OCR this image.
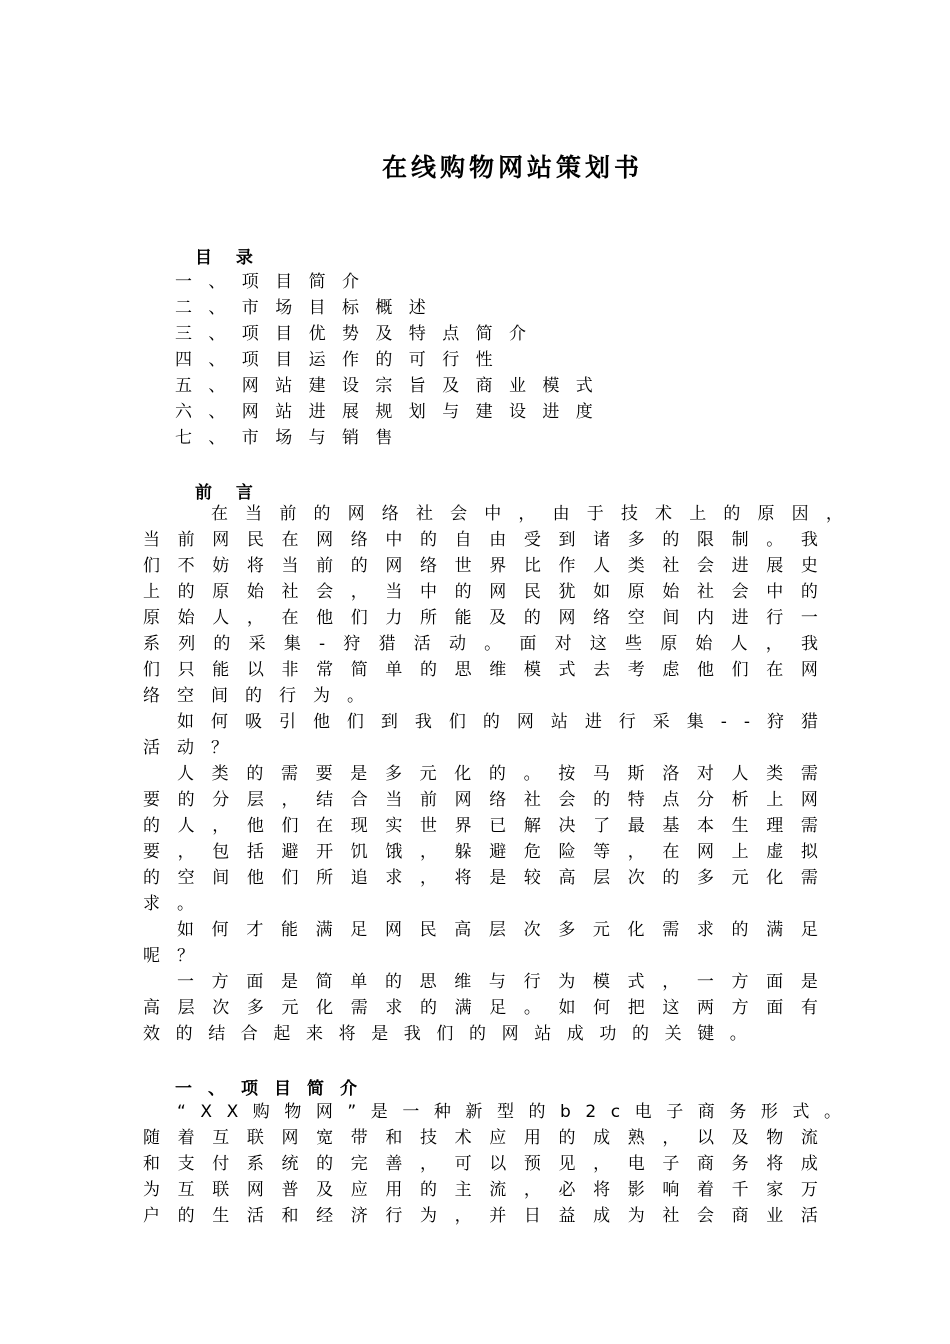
在线购物网站策划书
目 录
一、项目简介
二、市场目标概述
三、项目优势及特点简介
四、项目运作的可行性
五、网站建设宗旨及商业模式
六、网站进展规划与建设进度
七、市场与销售
前 言
在 当 前 的 网 络 社 会 中 ， 由 于 技 术 上 的 原 因 ，
当 前 网 民 在 网 络 中 的 自 由 受 到 诸 多 的 限 制 。 我
们 不 妨 将 当 前 的 网 络 世 界 比 作 人 类 社 会 进 展 史
上 的 原 始 社 会 ， 当 中 的 网 民 犹 如 原 始 社 会 中 的
原 始 人 ， 在 他 们 力 所 能 及 的 网 络 空 间 内 进 行 一
系 列 的 采 集 - 狩 猎 活 动 。 面 对 这 些 原 始 人 ， 我
们 只 能 以 非 常 简 单 的 思 维 模 式 去 考 虑 他 们 在 网
络空间的行为。
如 何 吸 引 他 们 到 我 们 的 网 站 进 行 采 集 - - 狩 猎
活动？
人 类 的 需 要 是 多 元 化 的 。 按 马 斯 洛 对 人 类 需
要 的 分 层 ， 结 合 当 前 网 络 社 会 的 特 点 分 析 上 网
的 人 ， 他 们 在 现 实 世 界 已 解 决 了 最 基 本 生 理 需
要 ， 包 括 避 开 饥 饿 ， 躲 避 危 险 等 ， 在 网 上 虚 拟
的 空 间 他 们 所 追 求 ， 将 是 较 高 层 次 的 多 元 化 需
求。
如 何 才 能 满 足 网 民 高 层 次 多 元 化 需 求 的 满 足
呢？
一 方 面 是 简 单 的 思 维 与 行 为 模 式 ， 一 方 面 是
高 层 次 多 元 化 需 求 的 满 足 。 如 何 把 这 两 方 面 有
效的结合起来将是我们的网站成功的关键。
一、项目简介
“ X X 购 物 网 ” 是 一 种 新 型 的 b 2 c 电 子 商 务 形 式 。
随 着 互 联 网 宽 带 和 技 术 应 用 的 成 熟 ， 以 及 物 流
和 支 付 系 统 的 完 善 ， 可 以 预 见 ， 电 子 商 务 将 成
为 互 联 网 普 及 应 用 的 主 流 ， 必 将 影 响 着 千 家 万
户 的 生 活 和 经 济 行 为 ， 并 日 益 成 为 社 会 商 业 活
